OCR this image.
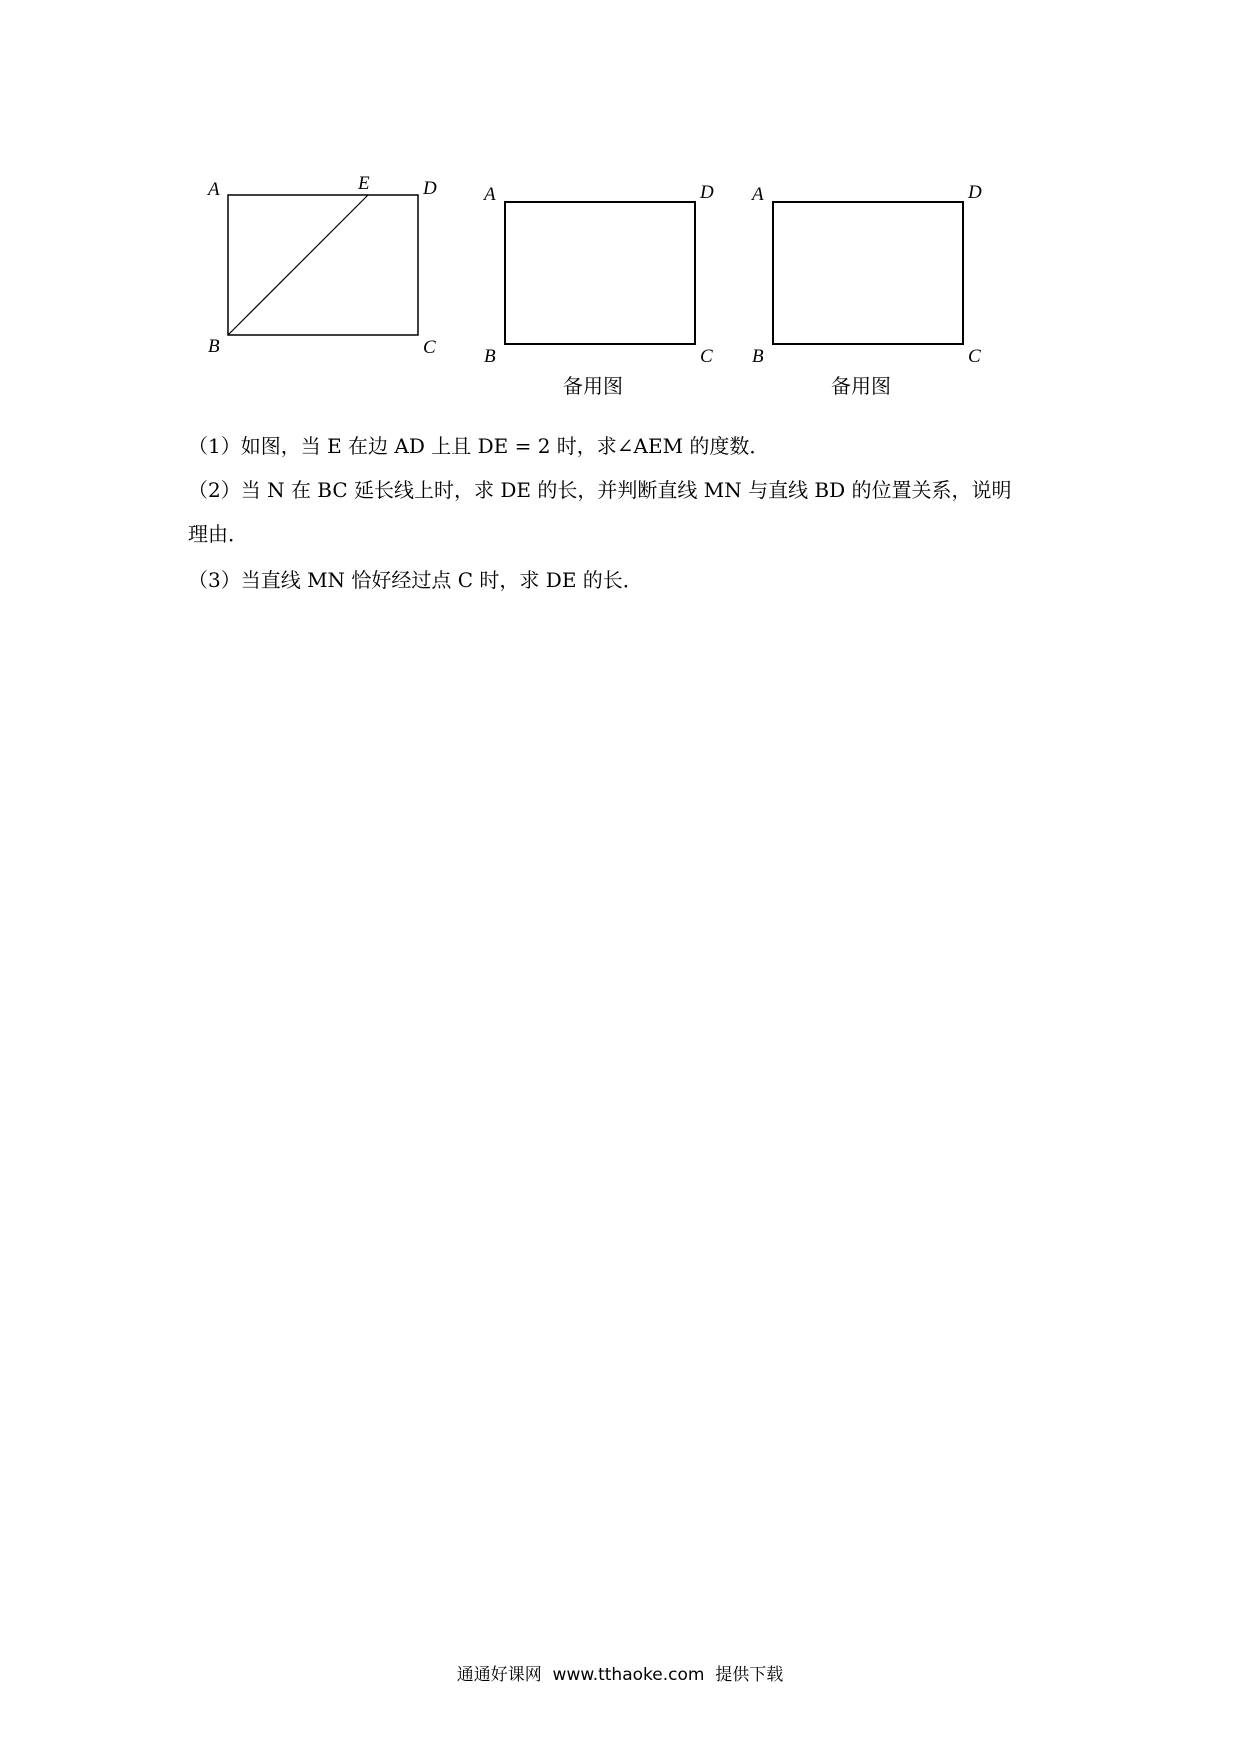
A	E	D
B	C
A	D
B	C
备用图
A	D
B	C
备用图

（1）如图，当 E 在边 AD 上且 DE = 2 时，求∠AEM 的度数．

（2）当 N 在 BC 延长线上时，求 DE 的长，并判断直线 MN 与直线 BD 的位置关系，说明

理由．

（3）当直线 MN 恰好经过点 C 时，求 DE 的长．

通通好课网  www.tthaoke.com  提供下载
